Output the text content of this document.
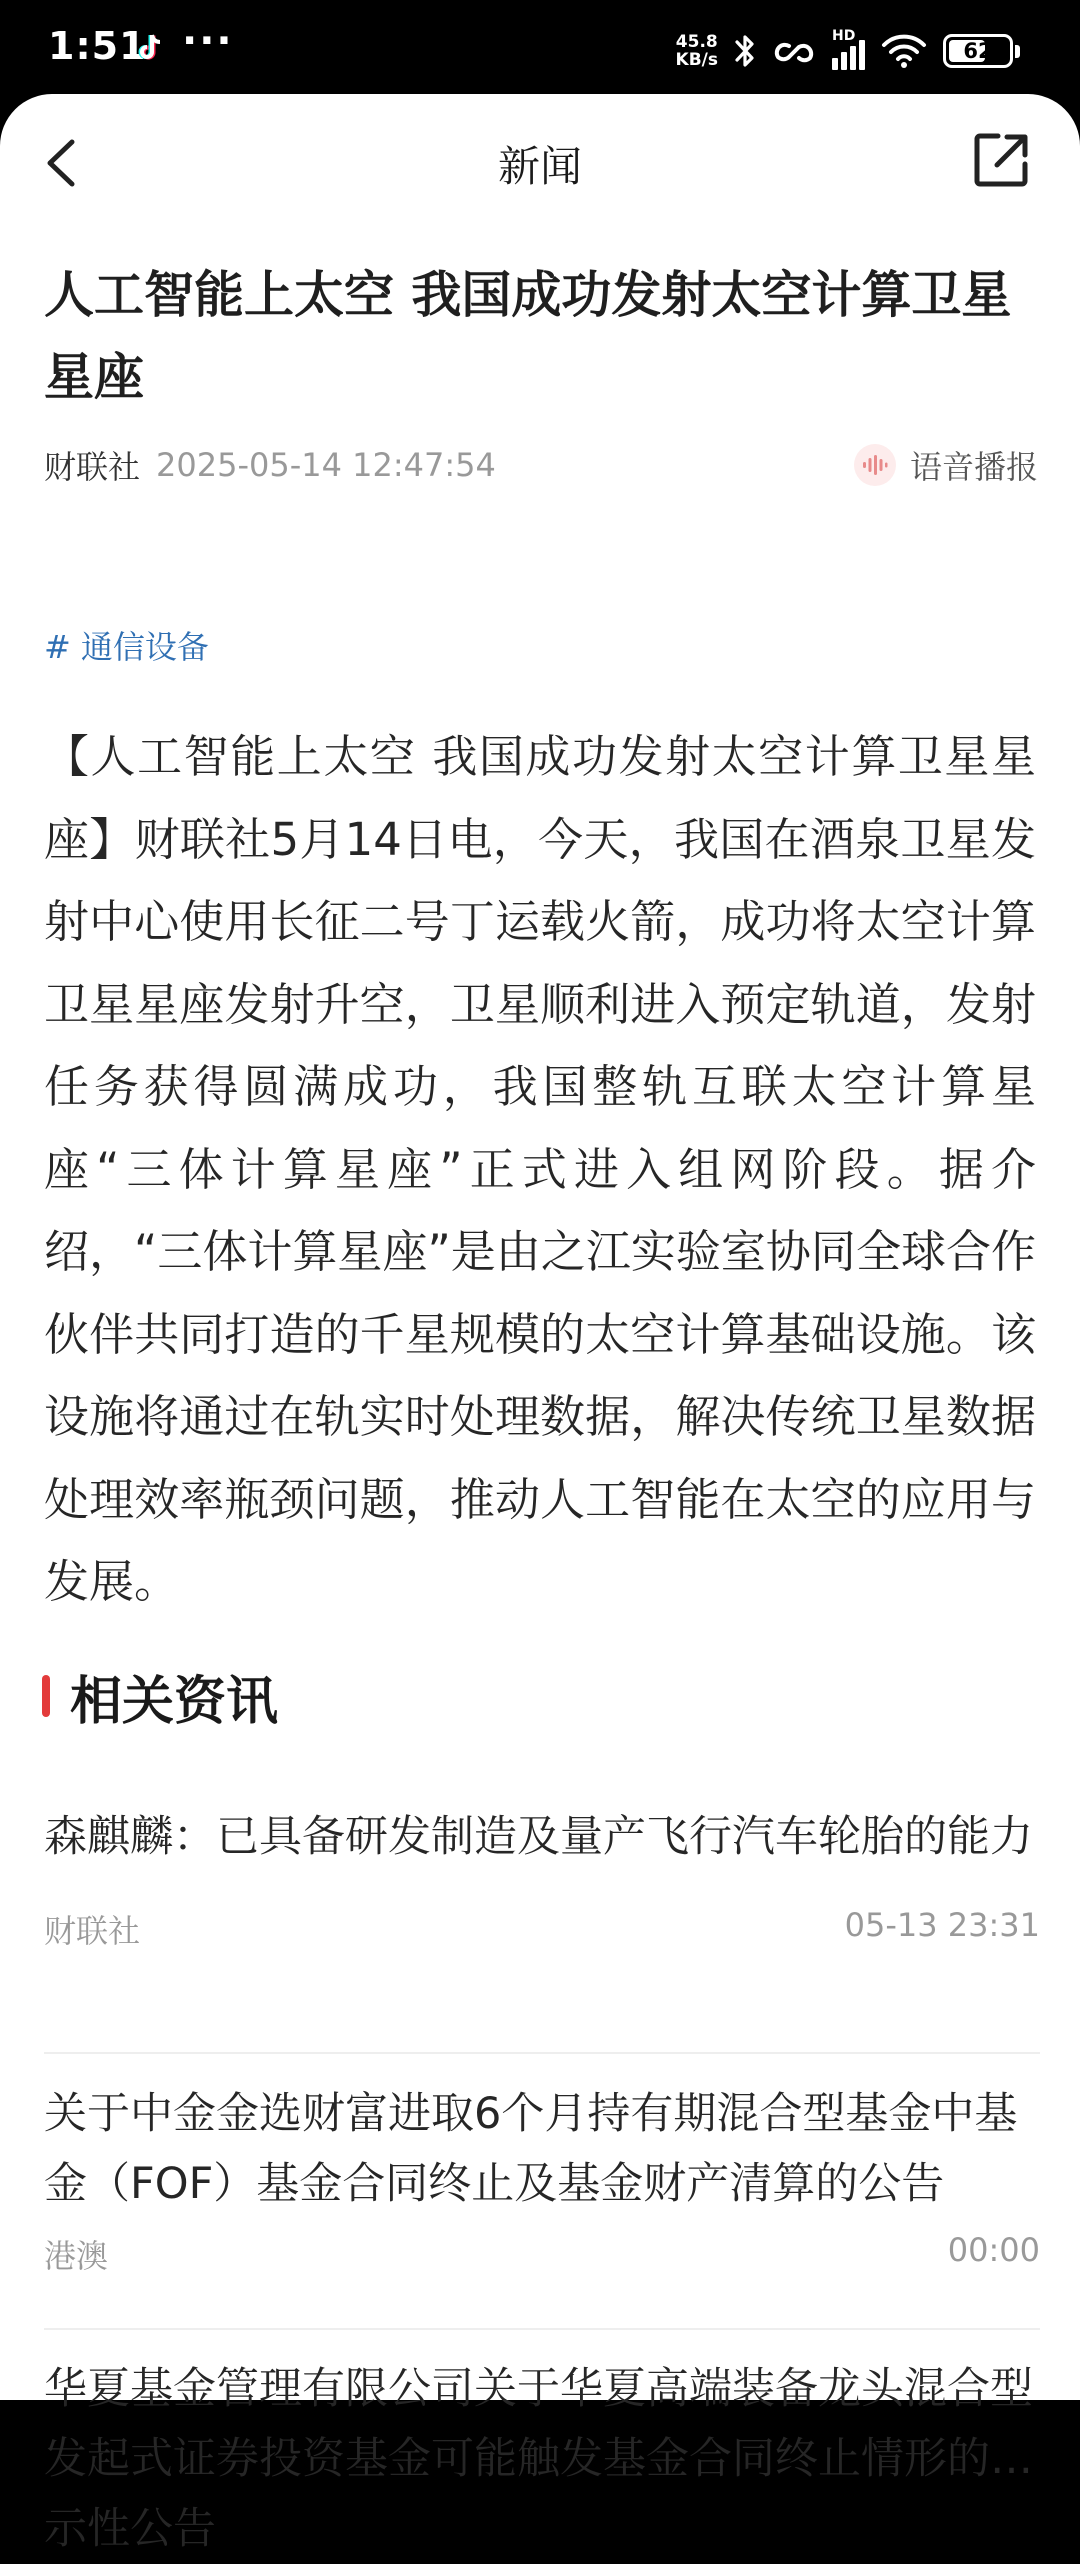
1:51 ···	45.8
KB/s
HD
62
新闻
人工智能上太空 我国成功发射太空计算卫星星座
财联社 2025-05-14 12:47:54	语音播报
# 通信设备
【人工智能上太空 我国成功发射太空计算卫星星座】财联社5月14日电，今天，我国在酒泉卫星发射中心使用长征二号丁运载火箭，成功将太空计算卫星星座发射升空，卫星顺利进入预定轨道，发射任务获得圆满成功，我国整轨互联太空计算星座“三体计算星座”正式进入组网阶段。据介绍，“三体计算星座”是由之江实验室协同全球合作伙伴共同打造的千星规模的太空计算基础设施。该设施将通过在轨实时处理数据，解决传统卫星数据处理效率瓶颈问题，推动人工智能在太空的应用与发展。
相关资讯
森麒麟：已具备研发制造及量产飞行汽车轮胎的能力
财联社	05-13 23:31
关于中金金选财富进取6个月持有期混合型基金中基金（FOF）基金合同终止及基金财产清算的公告
港澳	00:00
华夏基金管理有限公司关于华夏高端装备龙头混合型发起式证券投资基金可能触发基金合同终止情形的提示性公告
